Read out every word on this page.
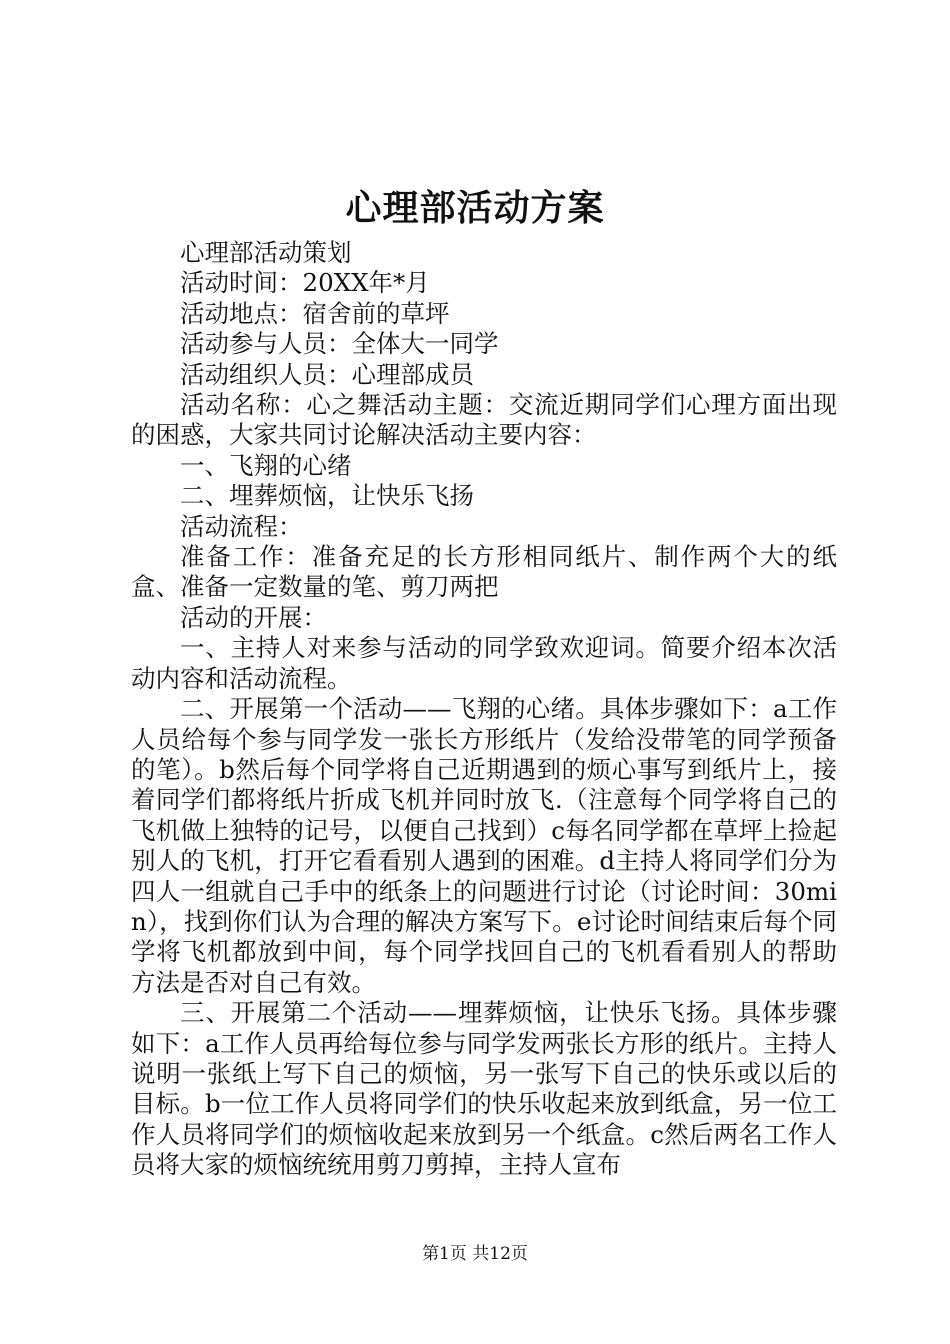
心理部活动方案

心理部活动策划

活动时间：20XX年*月

活动地点：宿舍前的草坪

活动参与人员：全体大一同学

活动组织人员：心理部成员

活动名称：心之舞活动主题：交流近期同学们心理方面出现的困惑，大家共同讨论解决活动主要内容：

一、飞翔的心绪

二、埋葬烦恼，让快乐飞扬

活动流程：

准备工作：准备充足的长方形相同纸片、制作两个大的纸盒、准备一定数量的笔、剪刀两把

活动的开展：

一、主持人对来参与活动的同学致欢迎词。简要介绍本次活动内容和活动流程。

二、开展第一个活动——飞翔的心绪。具体步骤如下：a工作人员给每个参与同学发一张长方形纸片（发给没带笔的同学预备的笔）。b然后每个同学将自己近期遇到的烦心事写到纸片上，接着同学们都将纸片折成飞机并同时放飞.（注意每个同学将自己的飞机做上独特的记号，以便自己找到）c每名同学都在草坪上捡起别人的飞机，打开它看看别人遇到的困难。d主持人将同学们分为四人一组就自己手中的纸条上的问题进行讨论（讨论时间：30min），找到你们认为合理的解决方案写下。e讨论时间结束后每个同学将飞机都放到中间，每个同学找回自己的飞机看看别人的帮助方法是否对自己有效。

三、开展第二个活动——埋葬烦恼，让快乐飞扬。具体步骤如下：a工作人员再给每位参与同学发两张长方形的纸片。主持人说明一张纸上写下自己的烦恼，另一张写下自己的快乐或以后的目标。b一位工作人员将同学们的快乐收起来放到纸盒，另一位工作人员将同学们的烦恼收起来放到另一个纸盒。c然后两名工作人员将大家的烦恼统统用剪刀剪掉，主持人宣布

第1页 共12页
